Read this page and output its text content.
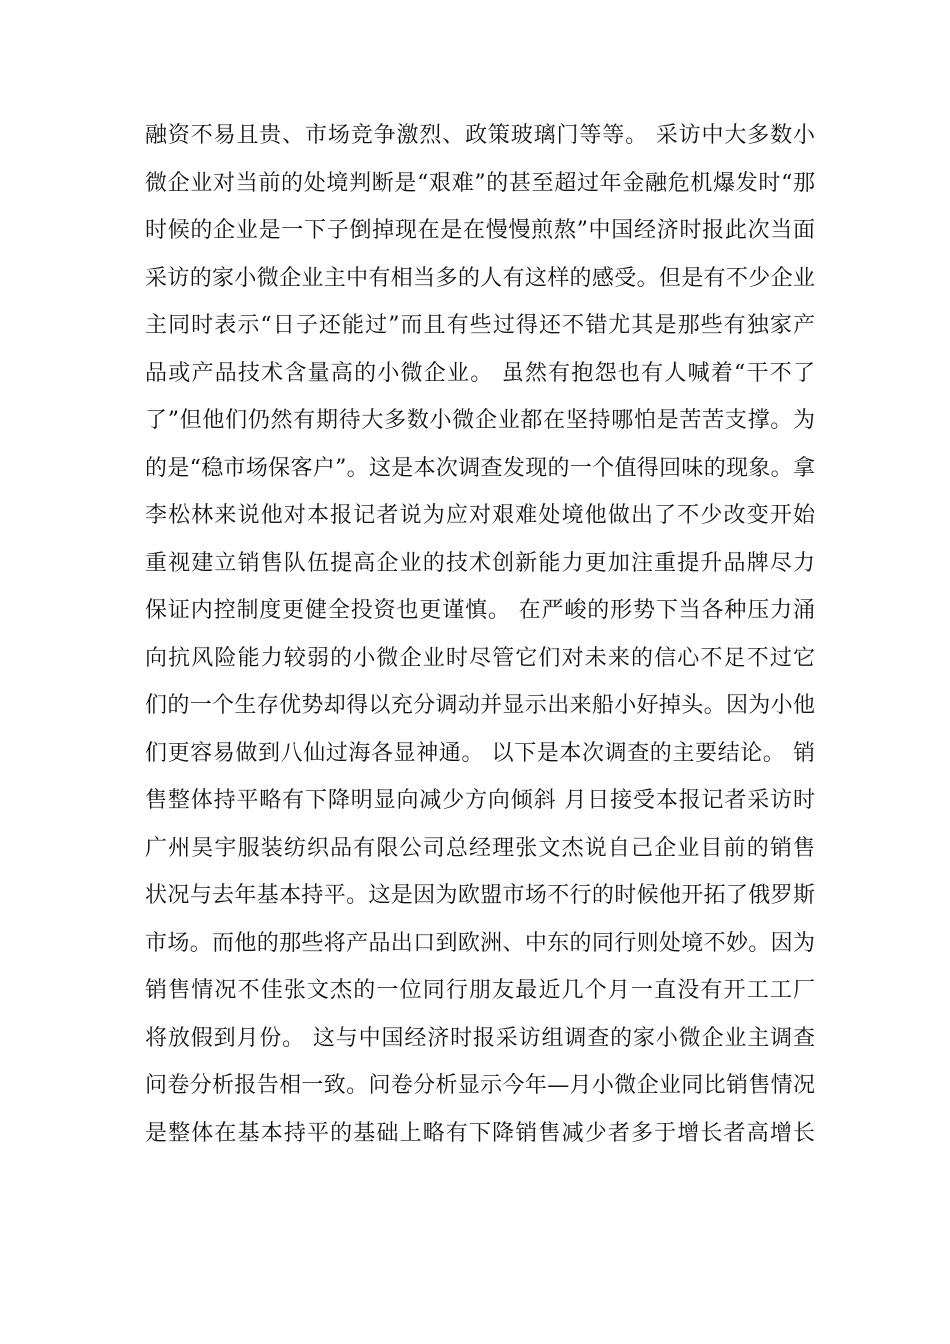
融资不易且贵、市场竞争激烈、政策玻璃门等等。 采访中大多数小
微企业对当前的处境判断是“艰难”的甚至超过年金融危机爆发时“那
时候的企业是一下子倒掉现在是在慢慢煎熬”中国经济时报此次当面
采访的家小微企业主中有相当多的人有这样的感受。但是有不少企业
主同时表示“日子还能过”而且有些过得还不错尤其是那些有独家产
品或产品技术含量高的小微企业。 虽然有抱怨也有人喊着“干不了
了”但他们仍然有期待大多数小微企业都在坚持哪怕是苦苦支撑。为
的是“稳市场保客户”。这是本次调查发现的一个值得回味的现象。拿
李松林来说他对本报记者说为应对艰难处境他做出了不少改变开始
重视建立销售队伍提高企业的技术创新能力更加注重提升品牌尽力
保证内控制度更健全投资也更谨慎。 在严峻的形势下当各种压力涌
向抗风险能力较弱的小微企业时尽管它们对未来的信心不足不过它
们的一个生存优势却得以充分调动并显示出来船小好掉头。因为小他
们更容易做到八仙过海各显神通。 以下是本次调查的主要结论。 销
售整体持平略有下降明显向减少方向倾斜 月日接受本报记者采访时
广州昊宇服装纺织品有限公司总经理张文杰说自己企业目前的销售
状况与去年基本持平。这是因为欧盟市场不行的时候他开拓了俄罗斯
市场。而他的那些将产品出口到欧洲、中东的同行则处境不妙。因为
销售情况不佳张文杰的一位同行朋友最近几个月一直没有开工工厂
将放假到月份。 这与中国经济时报采访组调查的家小微企业主调查
问卷分析报告相一致。问卷分析显示今年—月小微企业同比销售情况
是整体在基本持平的基础上略有下降销售减少者多于增长者高增长
